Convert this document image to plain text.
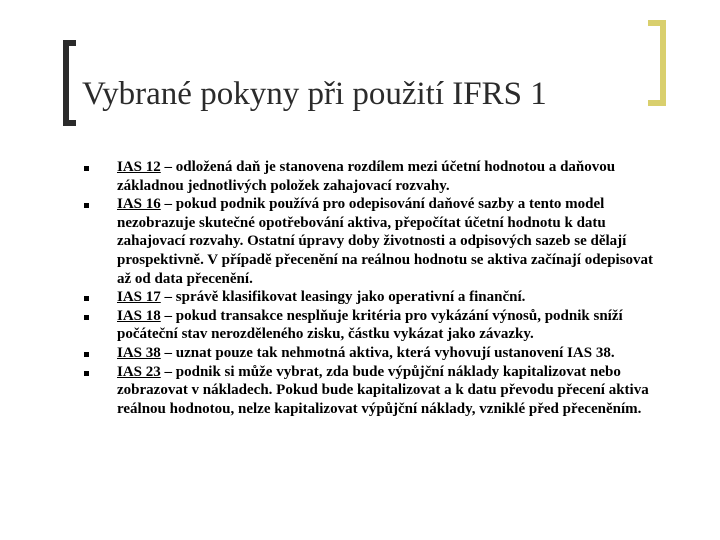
Vybrané pokyny při použití IFRS 1
IAS 12 – odložená daň je stanovena rozdílem mezi účetní hodnotou a daňovou základnou jednotlivých položek zahajovací rozvahy.
IAS 16 – pokud podnik používá pro odepisování daňové sazby a tento model nezobrazuje skutečné opotřebování aktiva, přepočítat účetní hodnotu k datu zahajovací rozvahy. Ostatní úpravy doby životnosti a odpisových sazeb se dělají prospektivně. V případě přecenění na reálnou hodnotu se aktiva začínají odepisovat až od data přecenění.
IAS 17 – správě klasifikovat leasingy jako operativní a finanční.
IAS 18 – pokud transakce nesplňuje kritéria pro vykázání výnosů, podnik sníží počáteční stav nerozděleného zisku, částku vykázat jako závazky.
IAS 38 – uznat pouze tak nehmotná aktiva, která vyhovují ustanovení IAS 38.
IAS 23 – podnik si může vybrat, zda bude výpůjční náklady kapitalizovat nebo zobrazovat v nákladech. Pokud bude kapitalizovat a k datu převodu přecení aktiva reálnou hodnotou, nelze kapitalizovat výpůjční náklady, vzniklé před přeceněním.
